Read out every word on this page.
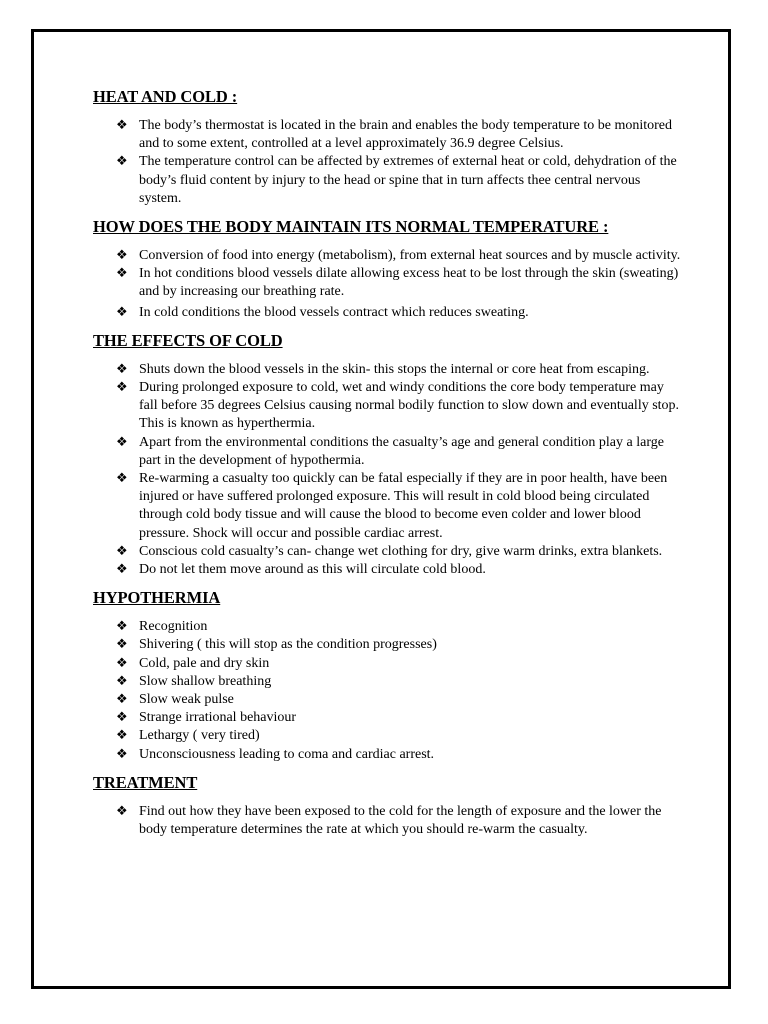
HEAT AND COLD :
❖ The body’s thermostat is located in the brain and enables the body temperature to be monitored and to some extent, controlled at a level approximately 36.9 degree Celsius.
❖ The temperature control can be affected by extremes of external heat or cold, dehydration of the body’s fluid content by injury to the head or spine that in turn affects thee central nervous system.
HOW DOES THE BODY MAINTAIN ITS NORMAL TEMPERATURE :
❖ Conversion of food into energy (metabolism), from external heat sources and by muscle activity.
❖ In hot conditions blood vessels dilate allowing excess heat to be lost through the skin (sweating) and by increasing our breathing rate.
❖ In cold conditions the blood vessels contract which reduces sweating.
THE EFFECTS OF COLD
❖ Shuts down the blood vessels in the skin- this stops the internal or core heat from escaping.
❖ During prolonged exposure to cold, wet and windy conditions the core body temperature may fall before 35 degrees Celsius causing normal bodily function to slow down and eventually stop. This is known as hyperthermia.
❖ Apart from the environmental conditions the casualty’s age and general condition play a large part in the development of hypothermia.
❖ Re-warming a casualty too quickly can be fatal especially if they are in poor health, have been injured or have suffered prolonged exposure. This will result in cold blood being circulated through cold body tissue and will cause the blood to become even colder and lower blood pressure. Shock will occur and possible cardiac arrest.
❖ Conscious cold casualty’s can- change wet clothing for dry, give warm drinks, extra blankets.
❖ Do not let them move around as this will circulate cold blood.
HYPOTHERMIA
❖ Recognition
❖ Shivering ( this will stop as the condition progresses)
❖ Cold, pale and dry skin
❖ Slow shallow breathing
❖ Slow weak pulse
❖ Strange irrational behaviour
❖ Lethargy ( very tired)
❖ Unconsciousness leading to coma and cardiac arrest.
TREATMENT
❖ Find out how they have been exposed to the cold for the length of exposure and the lower the body temperature determines the rate at which you should re-warm the casualty.
